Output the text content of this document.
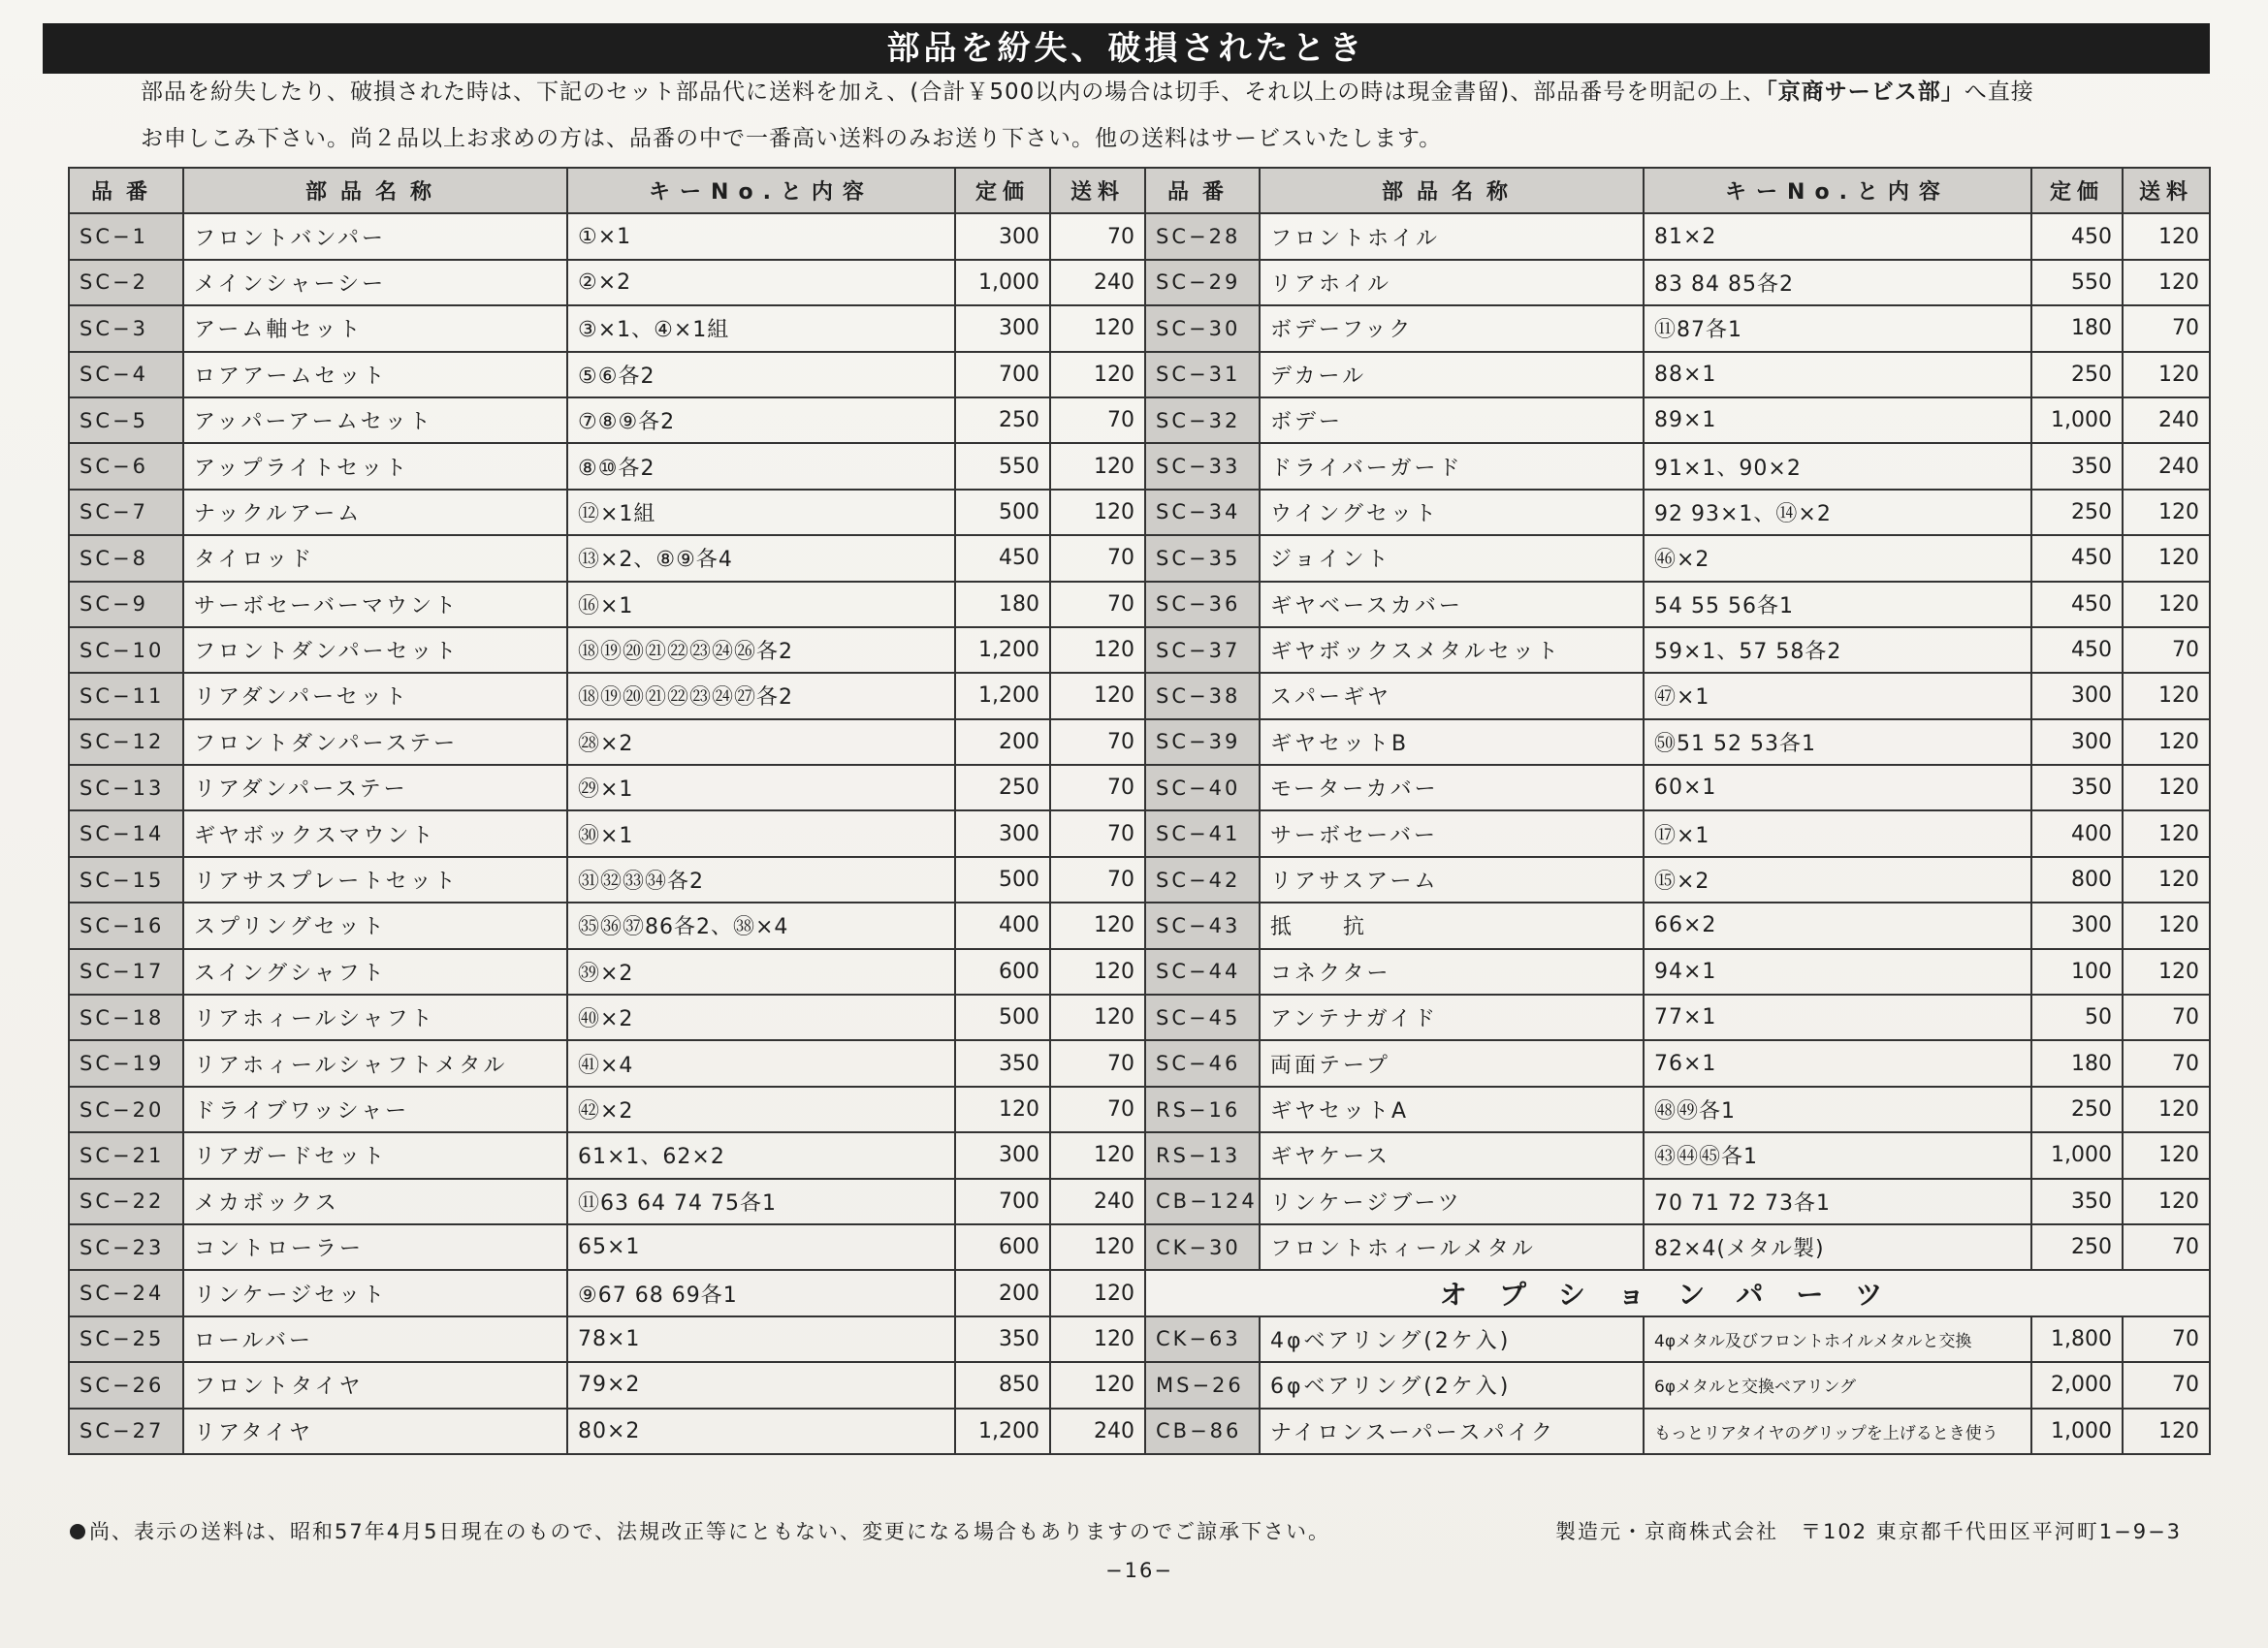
部品を紛失、破損されたとき
部品を紛失したり、破損された時は、下記のセット部品代に送料を加え、(合計￥500以内の場合は切手、それ以上の時は現金書留)、部品番号を明記の上、「京商サービス部」へ直接
お申しこみ下さい。尚２品以上お求めの方は、品番の中で一番高い送料のみお送り下さい。他の送料はサービスいたします。
品番	部品名称	キーNo.と内容	定価	送料	品番	部品名称	キーNo.と内容	定価	送料
SC−1	フロントバンパー	①×1	300	70	SC−28	フロントホイル	81×2	450	120
SC−2	メインシャーシー	②×2	1,000	240	SC−29	リアホイル	83 84 85各2	550	120
SC−3	アーム軸セット	③×1、④×1組	300	120	SC−30	ボデーフック	⑪87各1	180	70
SC−4	ロアアームセット	⑤⑥各2	700	120	SC−31	デカール	88×1	250	120
SC−5	アッパーアームセット	⑦⑧⑨各2	250	70	SC−32	ボデー	89×1	1,000	240
SC−6	アップライトセット	⑧⑩各2	550	120	SC−33	ドライバーガード	91×1、90×2	350	240
SC−7	ナックルアーム	⑫×1組	500	120	SC−34	ウイングセット	92 93×1、⑭×2	250	120
SC−8	タイロッド	⑬×2、⑧⑨各4	450	70	SC−35	ジョイント	㊻×2	450	120
SC−9	サーボセーバーマウント	⑯×1	180	70	SC−36	ギヤベースカバー	54 55 56各1	450	120
SC−10	フロントダンパーセット	⑱⑲⑳㉑㉒㉓㉔㉖各2	1,200	120	SC−37	ギヤボックスメタルセット	59×1、57 58各2	450	70
SC−11	リアダンパーセット	⑱⑲⑳㉑㉒㉓㉔㉗各2	1,200	120	SC−38	スパーギヤ	㊼×1	300	120
SC−12	フロントダンパーステー	㉘×2	200	70	SC−39	ギヤセットB	㊿51 52 53各1	300	120
SC−13	リアダンパーステー	㉙×1	250	70	SC−40	モーターカバー	60×1	350	120
SC−14	ギヤボックスマウント	㉚×1	300	70	SC−41	サーボセーバー	⑰×1	400	120
SC−15	リアサスプレートセット	㉛㉜㉝㉞各2	500	70	SC−42	リアサスアーム	⑮×2	800	120
SC−16	スプリングセット	㉟㊱㊲86各2、㊳×4	400	120	SC−43	抵　　抗	66×2	300	120
SC−17	スイングシャフト	㊴×2	600	120	SC−44	コネクター	94×1	100	120
SC−18	リアホィールシャフト	㊵×2	500	120	SC−45	アンテナガイド	77×1	50	70
SC−19	リアホィールシャフトメタル	㊶×4	350	70	SC−46	両面テープ	76×1	180	70
SC−20	ドライブワッシャー	㊷×2	120	70	RS−16	ギヤセットA	㊽㊾各1	250	120
SC−21	リアガードセット	61×1、62×2	300	120	RS−13	ギヤケース	㊸㊹㊺各1	1,000	120
SC−22	メカボックス	⑪63 64 74 75各1	700	240	CB−124	リンケージブーツ	70 71 72 73各1	350	120
SC−23	コントローラー	65×1	600	120	CK−30	フロントホィールメタル	82×4(メタル製)	250	70
SC−24	リンケージセット	⑨67 68 69各1	200	120	オプションパーツ				
SC−25	ロールバー	78×1	350	120	CK−63	4φベアリング(2ケ入)	4φメタル及びフロントホイルメタルと交換	1,800	70
SC−26	フロントタイヤ	79×2	850	120	MS−26	6φベアリング(2ケ入)	6φメタルと交換ベアリング	2,000	70
SC−27	リアタイヤ	80×2	1,200	240	CB−86	ナイロンスーパースパイク	もっとリアタイヤのグリップを上げるとき使う	1,000	120
尚、表示の送料は、昭和57年4月5日現在のもので、法規改正等にともない、変更になる場合もありますのでご諒承下さい。	製造元・京商株式会社　〒102 東京都千代田区平河町1−9−3
−16−
